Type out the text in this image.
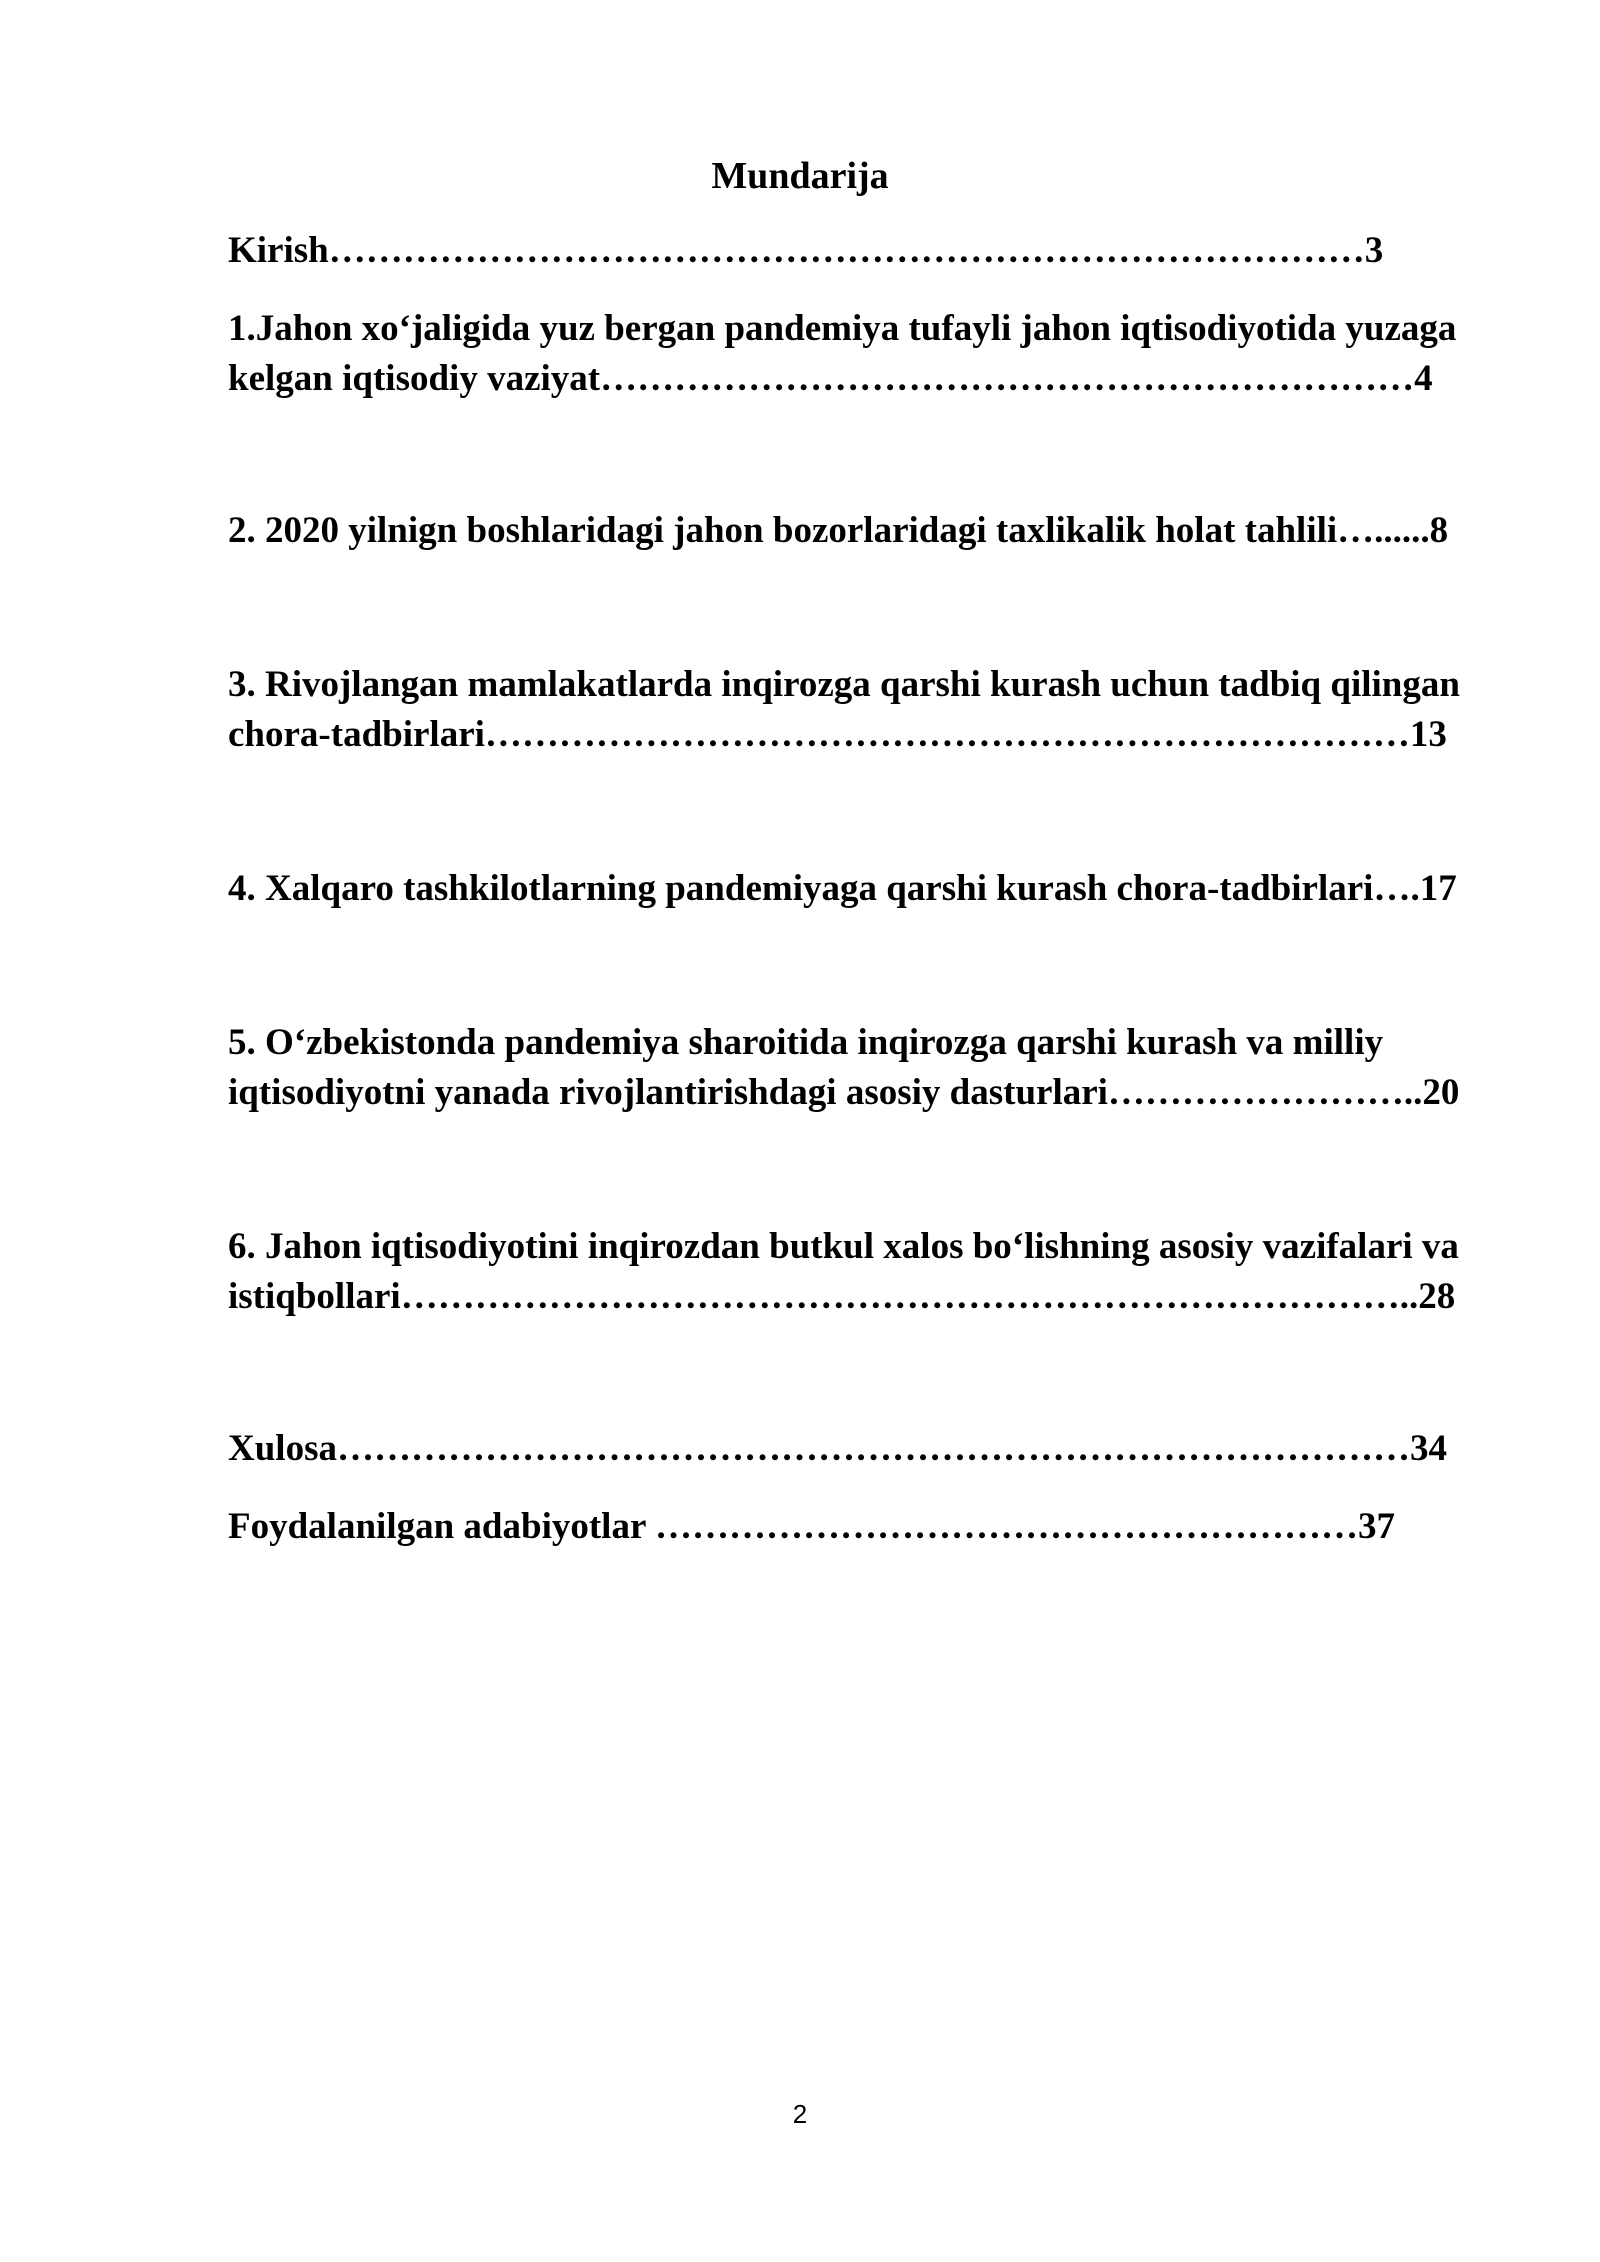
Mundarija

Kirish…………………………………………………………………………3

1.Jahon xo‘jaligida yuz bergan pandemiya tufayli jahon iqtisodiyotida yuzaga kelgan iqtisodiy vaziyat…………………………………………………………4

2. 2020 yilnign boshlaridagi jahon bozorlaridagi taxlikalik holat tahlili…......8

3. Rivojlangan mamlakatlarda inqirozga qarshi kurash uchun tadbiq qilingan chora-tadbirlari…………………………………………………………………13

4. Xalqaro tashkilotlarning pandemiyaga qarshi kurash chora-tadbirlari….17

5. O‘zbekistonda pandemiya sharoitida inqirozga qarshi kurash va milliy iqtisodiyotni yanada rivojlantirishdagi asosiy dasturlari……………………..20

6. Jahon iqtisodiyotini inqirozdan butkul xalos bo‘lishning asosiy vazifalari va istiqbollari………………………………………………………………………..28

Xulosa……………………………………………………………………………34

Foydalanilgan adabiyotlar …………………………………………………37

2
